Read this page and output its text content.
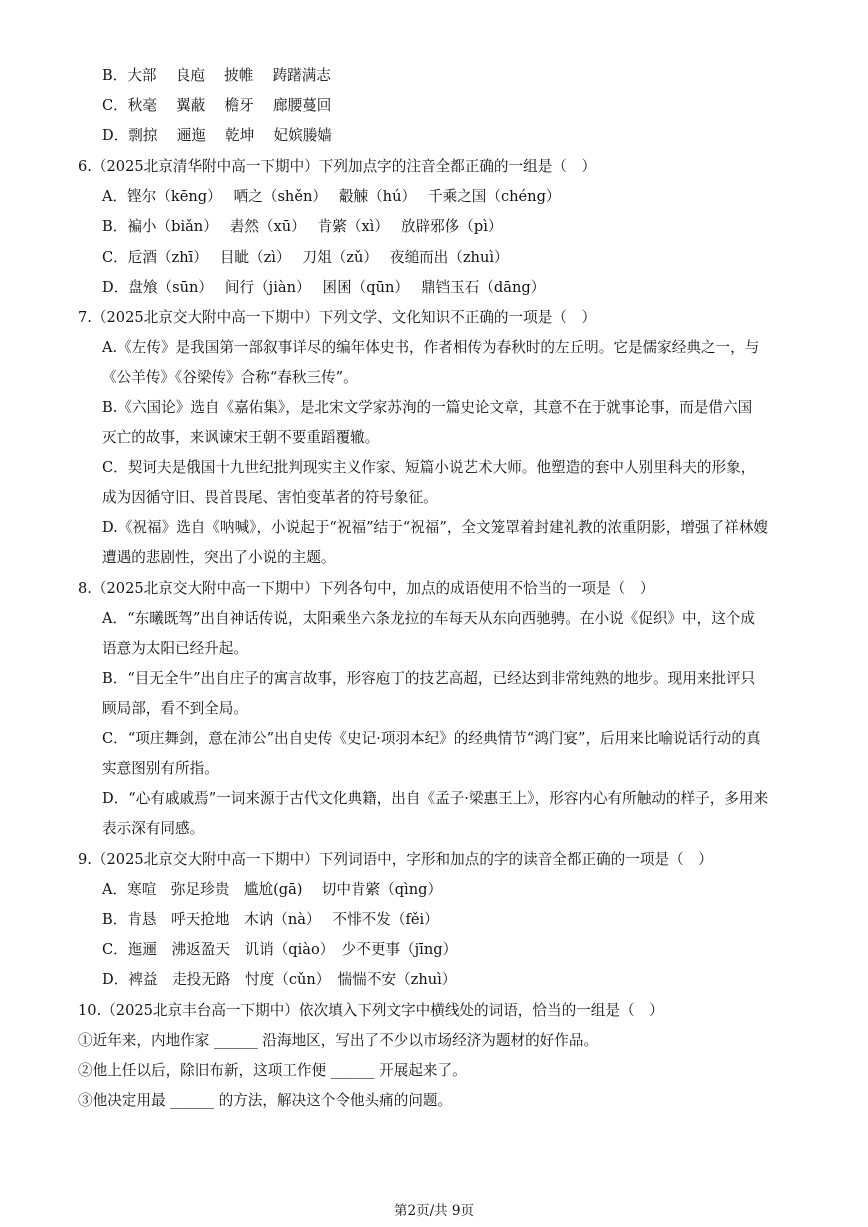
B．大部　 良庖　 披帷　 踌躇满志
C．秋毫　 翼蔽　 檐牙　 廊腰蔓回
D．剽掠　 逦迤　 乾坤　 妃嫔媵嫱
6.（2025北京清华附中高一下期中）下列加点字的注音全都正确的一组是（　）
A．铿尔（kēng）　 哂之（shěn）　 觳觫（hú）　 千乘之国（chéng）
B．褊小（biǎn）　 砉然（xū）　 肯綮（xì）　 放辟邪侈（pì）
C．卮酒（zhī）　 目眦（zì）　 刀俎（zǔ）　 夜缒而出（zhuì）
D．盘飧（sūn）　 间行（jiàn）　 囷囷（qūn）　 鼎铛玉石（dāng）
7.（2025北京交大附中高一下期中）下列文学、文化知识不正确的一项是（　）
A.《左传》是我国第一部叙事详尽的编年体史书，作者相传为春秋时的左丘明。它是儒家经典之一，与
《公羊传》《谷梁传》合称“春秋三传”。
B.《六国论》选自《嘉佑集》，是北宋文学家苏洵的一篇史论文章，其意不在于就事论事，而是借六国
灭亡的故事，来讽谏宋王朝不要重蹈覆辙。
C．契诃夫是俄国十九世纪批判现实主义作家、短篇小说艺术大师。他塑造的套中人别里科夫的形象，
成为因循守旧、畏首畏尾、害怕变革者的符号象征。
D.《祝福》选自《呐喊》，小说起于“祝福”结于“祝福”，全文笼罩着封建礼教的浓重阴影，增强了祥林嫂
遭遇的悲剧性，突出了小说的主题。
8.（2025北京交大附中高一下期中）下列各句中，加点的成语使用不恰当的一项是（　）
A．“东曦既驾”出自神话传说，太阳乘坐六条龙拉的车每天从东向西驰骋。在小说《促织》中，这个成
语意为太阳已经升起。
B．“目无全牛”出自庄子的寓言故事，形容庖丁的技艺高超，已经达到非常纯熟的地步。现用来批评只
顾局部，看不到全局。
C．“项庄舞剑，意在沛公”出自史传《史记·项羽本纪》的经典情节“鸿门宴”，后用来比喻说话行动的真
实意图别有所指。
D．“心有戚戚焉”一词来源于古代文化典籍，出自《孟子·梁惠王上》，形容内心有所触动的样子，多用来
表示深有同感。
9.（2025北京交大附中高一下期中）下列词语中，字形和加点的字的读音全都正确的一项是（　）
A．寒喧　弥足珍贵　尴尬(gā)　 切中肯綮（qìng）
B．肯恳　呼天抢地　木讷（nà）　 不悱不发（fěi）
C．迤逦　沸返盈天　讥诮（qiào）　少不更事（jīng）
D．裨益　走投无路　忖度（cǔn）　惴惴不安（zhuì）
10.（2025北京丰台高一下期中）依次填入下列文字中横线处的词语，恰当的一组是（　）
①近年来，内地作家 ______ 沿海地区，写出了不少以市场经济为题材的好作品。
②他上任以后，除旧布新，这项工作便 ______ 开展起来了。
③他决定用最 ______ 的方法，解决这个令他头痛的问题。
第2页/共 9页
